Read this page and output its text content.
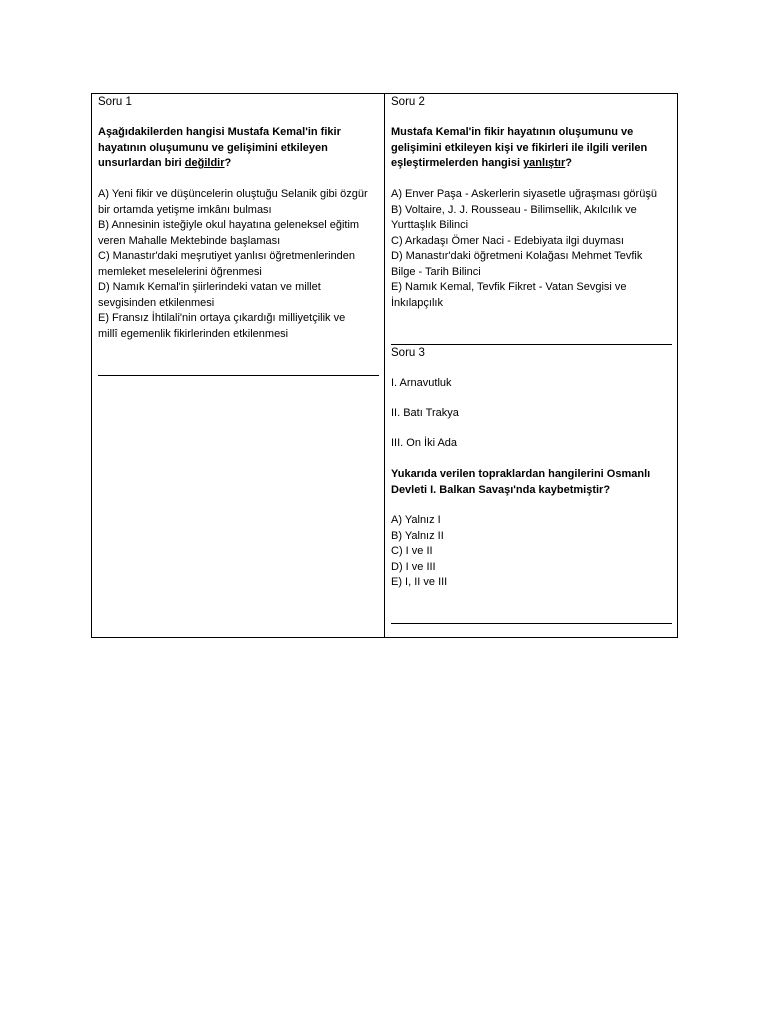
Soru 1
Aşağıdakilerden hangisi Mustafa Kemal'in fikir
hayatının oluşumunu ve gelişimini etkileyen
unsurlardan biri değildir?
A) Yeni fikir ve düşüncelerin oluştuğu Selanik gibi özgür
bir ortamda yetişme imkânı bulması
B) Annesinin isteğiyle okul hayatına geleneksel eğitim
veren Mahalle Mektebinde başlaması
C) Manastır'daki meşrutiyet yanlısı öğretmenlerinden
memleket meselelerini öğrenmesi
D) Namık Kemal'in şiirlerindeki vatan ve millet
sevgisinden etkilenmesi
E) Fransız İhtilali'nin ortaya çıkardığı milliyetçilik ve
millî egemenlik fikirlerinden etkilenmesi
Soru 2
Mustafa Kemal'in fikir hayatının oluşumunu ve
gelişimini etkileyen kişi ve fikirleri ile ilgili verilen
eşleştirmelerden hangisi yanlıştır?
A) Enver Paşa - Askerlerin siyasetle uğraşması görüşü
B) Voltaire, J. J. Rousseau - Bilimsellik, Akılcılık ve
Yurttaşlık Bilinci
C) Arkadaşı Ömer Naci - Edebiyata ilgi duyması
D) Manastır'daki öğretmeni Kolağası Mehmet Tevfik
Bilge - Tarih Bilinci
E) Namık Kemal, Tevfik Fikret - Vatan Sevgisi ve
İnkılapçılık
Soru 3
I. Arnavutluk
II. Batı Trakya
III. On İki Ada
Yukarıda verilen topraklardan hangilerini Osmanlı
Devleti I. Balkan Savaşı'nda kaybetmiştir?
A) Yalnız I
B) Yalnız II
C) I ve II
D) I ve III
E) I, II ve III
